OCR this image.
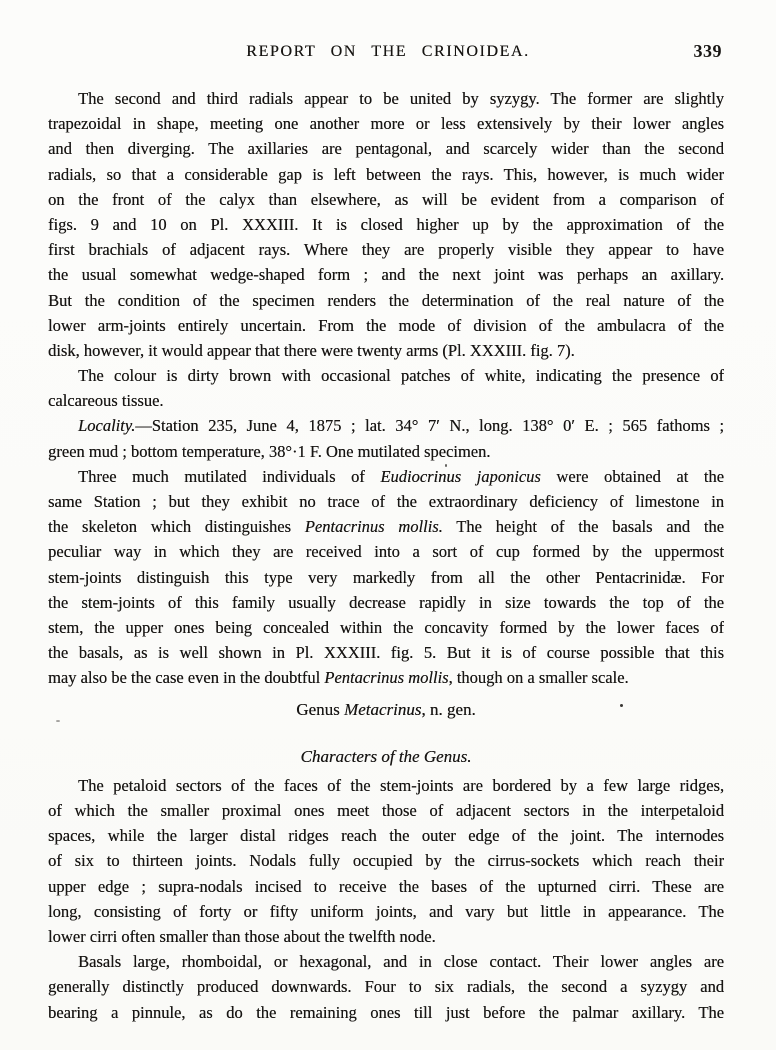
REPORT ON THE CRINOIDEA.	339
The second and third radials appear to be united by syzygy. The former are slightly
trapezoidal in shape, meeting one another more or less extensively by their lower angles
and then diverging. The axillaries are pentagonal, and scarcely wider than the second
radials, so that a considerable gap is left between the rays. This, however, is much wider
on the front of the calyx than elsewhere, as will be evident from a comparison of
figs. 9 and 10 on Pl. XXXIII. It is closed higher up by the approximation of the
first brachials of adjacent rays. Where they are properly visible they appear to have
the usual somewhat wedge-shaped form ; and the next joint was perhaps an axillary.
But the condition of the specimen renders the determination of the real nature of the
lower arm-joints entirely uncertain. From the mode of division of the ambulacra of the
disk, however, it would appear that there were twenty arms (Pl. XXXIII. fig. 7).
The colour is dirty brown with occasional patches of white, indicating the presence of
calcareous tissue.
Locality.—Station 235, June 4, 1875 ; lat. 34° 7′ N., long. 138° 0′ E. ; 565 fathoms ;
green mud ; bottom temperature, 38°·1 F. One mutilated specimen.
Three much mutilated individuals of Eudiocrinus japonicus were obtained at the
same Station ; but they exhibit no trace of the extraordinary deficiency of limestone in
the skeleton which distinguishes Pentacrinus mollis. The height of the basals and the
peculiar way in which they are received into a sort of cup formed by the uppermost
stem-joints distinguish this type very markedly from all the other Pentacrinidæ. For
the stem-joints of this family usually decrease rapidly in size towards the top of the
stem, the upper ones being concealed within the concavity formed by the lower faces of
the basals, as is well shown in Pl. XXXIII. fig. 5. But it is of course possible that this
may also be the case even in the doubtful Pentacrinus mollis, though on a smaller scale.
Genus Metacrinus, n. gen.
Characters of the Genus.
The petaloid sectors of the faces of the stem-joints are bordered by a few large ridges,
of which the smaller proximal ones meet those of adjacent sectors in the interpetaloid
spaces, while the larger distal ridges reach the outer edge of the joint. The internodes
of six to thirteen joints. Nodals fully occupied by the cirrus-sockets which reach their
upper edge ; supra-nodals incised to receive the bases of the upturned cirri. These are
long, consisting of forty or fifty uniform joints, and vary but little in appearance. The
lower cirri often smaller than those about the twelfth node.
Basals large, rhomboidal, or hexagonal, and in close contact. Their lower angles are
generally distinctly produced downwards. Four to six radials, the second a syzygy and
bearing a pinnule, as do the remaining ones till just before the palmar axillary. The
